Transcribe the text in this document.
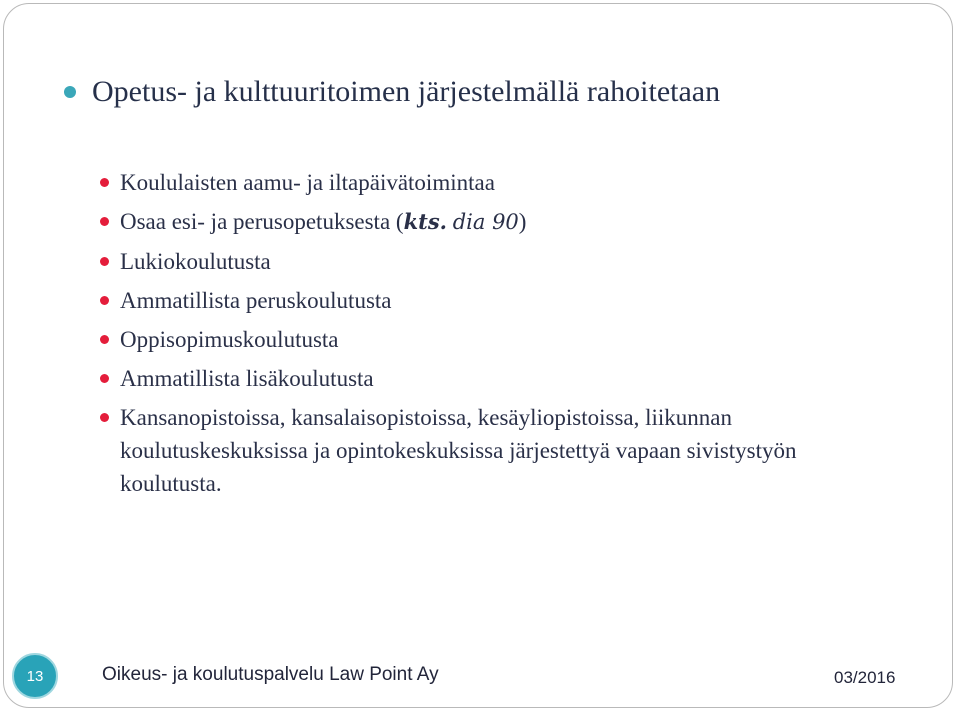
Opetus- ja kulttuuritoimen järjestelmällä rahoitetaan
Koululaisten aamu- ja iltapäivätoimintaa
Osaa esi- ja perusopetuksesta (kts. dia 90)
Lukiokoulutusta
Ammatillista peruskoulutusta
Oppisopimuskoulutusta
Ammatillista lisäkoulutusta
Kansanopistoissa, kansalaisopistoissa, kesäyliopistoissa, liikunnan koulutuskeskuksissa ja opintokeskuksissa järjestettyä vapaan sivistystyön koulutusta.
13	Oikeus- ja koulutuspalvelu Law Point Ay	03/2016
